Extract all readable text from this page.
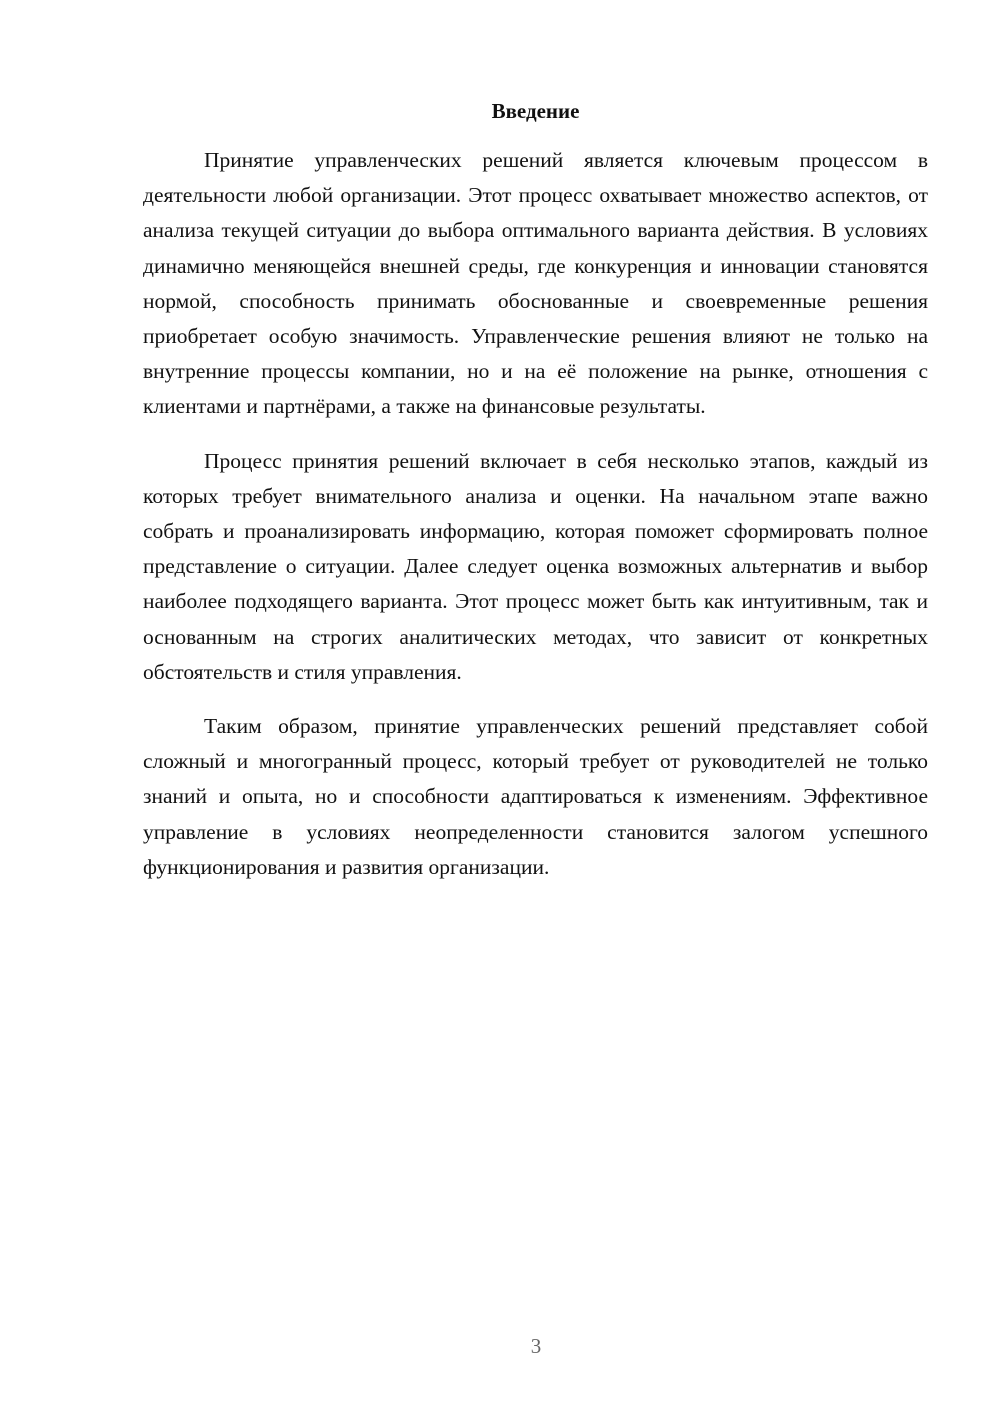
Введение

Принятие управленческих решений является ключевым процессом в деятельности любой организации. Этот процесс охватывает множество аспектов, от анализа текущей ситуации до выбора оптимального варианта действия. В условиях динамично меняющейся внешней среды, где конкуренция и инновации становятся нормой, способность принимать обоснованные и своевременные решения приобретает особую значимость. Управленческие решения влияют не только на внутренние процессы компании, но и на её положение на рынке, отношения с клиентами и партнёрами, а также на финансовые результаты.

Процесс принятия решений включает в себя несколько этапов, каждый из которых требует внимательного анализа и оценки. На начальном этапе важно собрать и проанализировать информацию, которая поможет сформировать полное представление о ситуации. Далее следует оценка возможных альтернатив и выбор наиболее подходящего варианта. Этот процесс может быть как интуитивным, так и основанным на строгих аналитических методах, что зависит от конкретных обстоятельств и стиля управления.

Таким образом, принятие управленческих решений представляет собой сложный и многогранный процесс, который требует от руководителей не только знаний и опыта, но и способности адаптироваться к изменениям. Эффективное управление в условиях неопределенности становится залогом успешного функционирования и развития организации.

3
